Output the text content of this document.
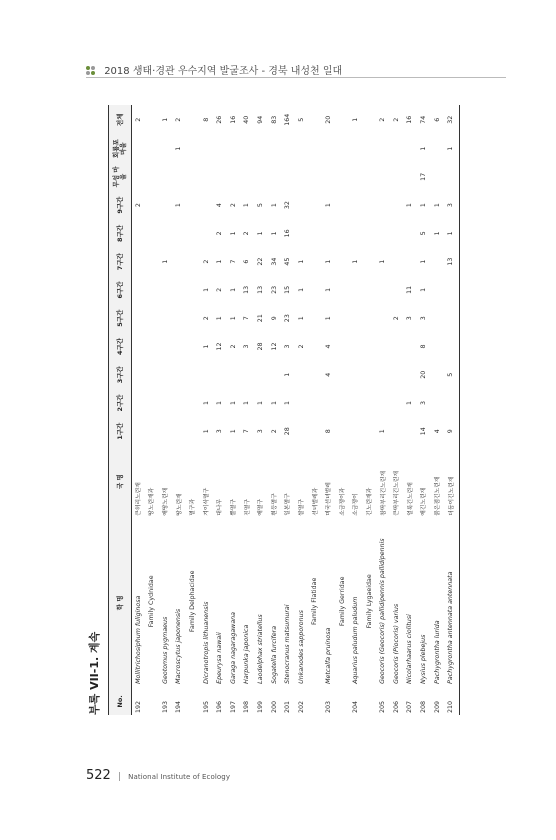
2018 생태·경관 우수지역 발굴조사 - 경북 내성천 일대
부록 VII-1. 계속 No.	학 명	국 명	1구간	2구간	3구간	4구간	5구간	6구간	7구간	8구간	9구간	무섬 마을	회룡포 마을	전체
192	Mollitrichosiphum fuliginosa	큰허리노린재									2			2
	Family Cydnidae	땅노린재과												
193	Geotomus pygmaeus	애땅노린재							1					1
194	Macroscytus japonensis	땅노린재									1		1	2
	Family Delphacidae	멸구과												
195	Dicranotropis lithuanensis	겨이삭멸구	1	1		1	2	1	2					8
196	Epeurysa nawaii	대나무	3	1		12	1	2	1	2	4			26
197	Garaga nagaragawana	뿔멸구	1	1		2	1	1	7	1	2			16
198	Harpunka japonica	진멸구	7	1		3	7	13	6	2	1			40
199	Laodelphax striatellus	애멸구	3	1		28	21	13	22	1	5			94
200	Sogatella furcifera	흰등멸구	2	1		12	9	23	34	1	1			83
201	Stenocranus matsumurai	일본멸구	28	1	1	3	23	15	45	16	32			164
202	Unkanodes sapporonus	쌀멸구				2	1	1	1					5
	Family Flatidae	선녀벌레과												
203	Metcalfa pruinosa	미국선녀벌레	8		4	4	1	1	1		1			20
	Family Gerridae	소금쟁이과												
204	Aquarius paludum paludum	소금쟁이							1					1
	Family Lygaeidae	긴노린재과												
205	Geocoris (Geocoris) pallidipennis pallidipennis	참딱부리긴노린재	1						1					2
206	Geocoris (Piocoris) varius	큰딱부리긴노린재					2							2
207	Nicolarhaarus ciolitusi	얼룩긴노린재		1			3	11			1			16
208	Nysius plebejus	애긴노린재	14	3	20	8	3	1	1	5	1	17	1	74
209	Pachygrontha lurida	붉은점긴노린재	4							1	1			6
210	Pachygrontha antennata antennata	더듬이긴노린재	9		5				13	1	3		1	32
522 | National Institute of Ecology
